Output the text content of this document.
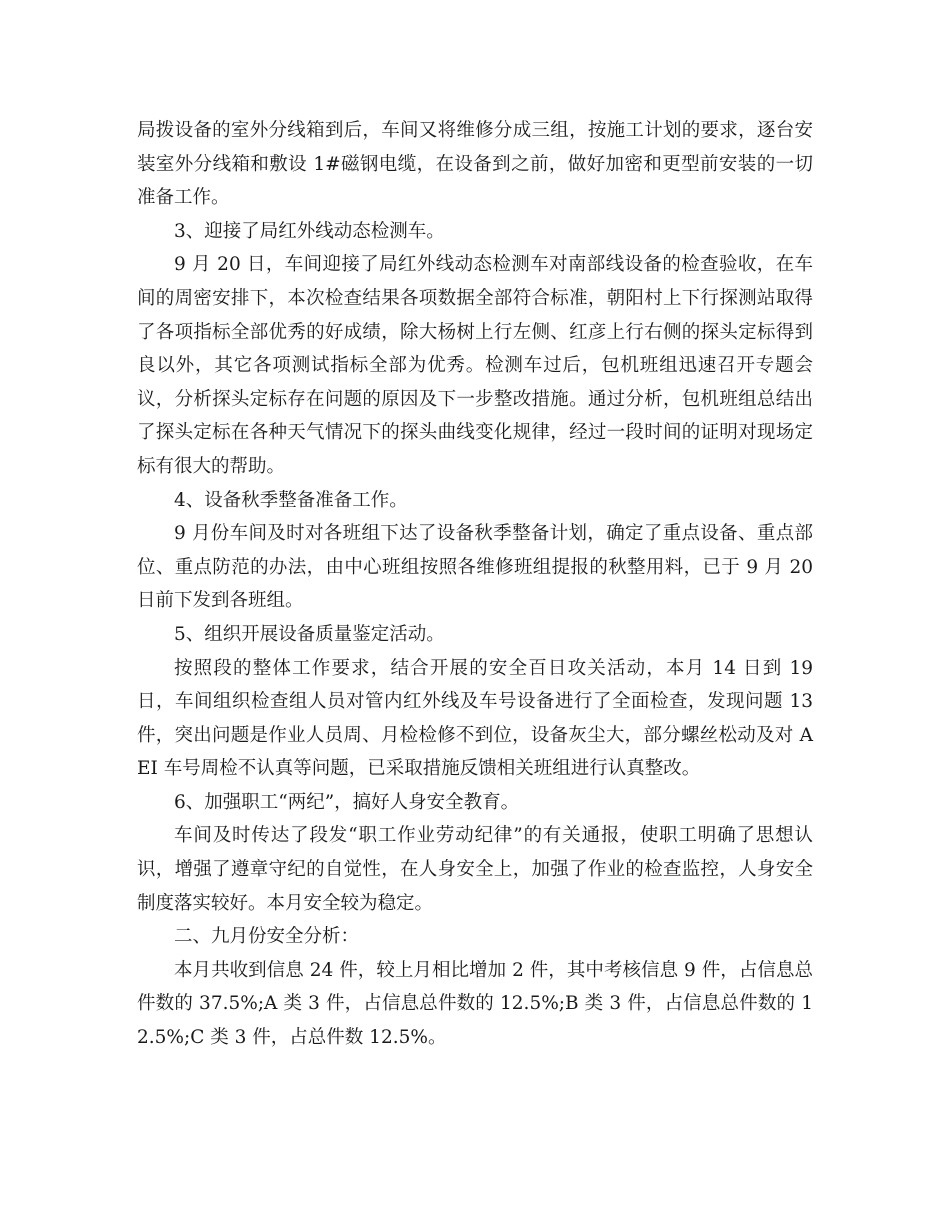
局拨设备的室外分线箱到后，车间又将维修分成三组，按施工计划的要求，逐台安装室外分线箱和敷设 1#磁钢电缆，在设备到之前，做好加密和更型前安装的一切准备工作。

3、迎接了局红外线动态检测车。

9 月 20 日，车间迎接了局红外线动态检测车对南部线设备的检查验收，在车间的周密安排下，本次检查结果各项数据全部符合标准，朝阳村上下行探测站取得了各项指标全部优秀的好成绩，除大杨树上行左侧、红彦上行右侧的探头定标得到良以外，其它各项测试指标全部为优秀。检测车过后，包机班组迅速召开专题会议，分析探头定标存在问题的原因及下一步整改措施。通过分析，包机班组总结出了探头定标在各种天气情况下的探头曲线变化规律，经过一段时间的证明对现场定标有很大的帮助。

4、设备秋季整备准备工作。

9 月份车间及时对各班组下达了设备秋季整备计划，确定了重点设备、重点部位、重点防范的办法，由中心班组按照各维修班组提报的秋整用料，已于 9 月 20 日前下发到各班组。

5、组织开展设备质量鉴定活动。

按照段的整体工作要求，结合开展的安全百日攻关活动，本月 14 日到 19 日，车间组织检查组人员对管内红外线及车号设备进行了全面检查，发现问题 13 件，突出问题是作业人员周、月检检修不到位，设备灰尘大，部分螺丝松动及对 AEI 车号周检不认真等问题，已采取措施反馈相关班组进行认真整改。

6、加强职工“两纪”，搞好人身安全教育。

车间及时传达了段发“职工作业劳动纪律”的有关通报，使职工明确了思想认识，增强了遵章守纪的自觉性，在人身安全上，加强了作业的检查监控，人身安全制度落实较好。本月安全较为稳定。

二、九月份安全分析：

本月共收到信息 24 件，较上月相比增加 2 件，其中考核信息 9 件，占信息总件数的 37.5%;A 类 3 件，占信息总件数的 12.5%;B 类 3 件，占信息总件数的 12.5%;C 类 3 件，占总件数 12.5%。
